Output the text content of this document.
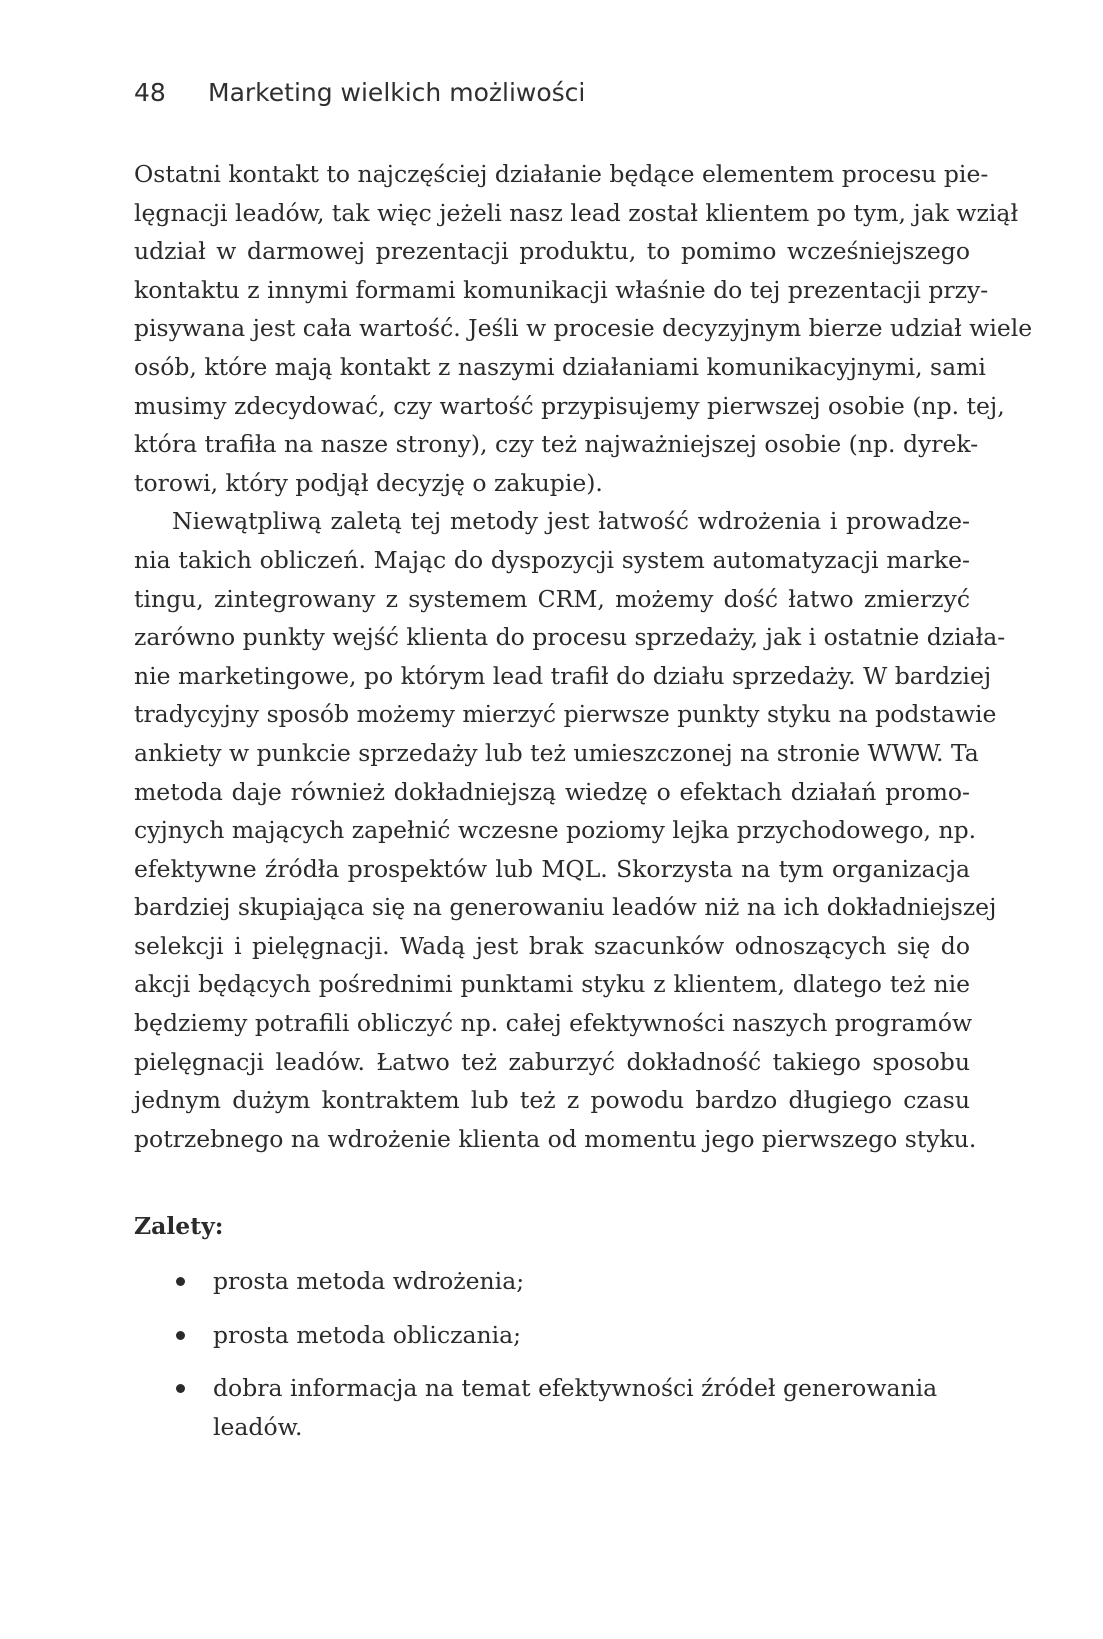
48 Marketing wielkich możliwości
Ostatni kontakt to najczęściej działanie będące elementem procesu pie-
lęgnacji leadów, tak więc jeżeli nasz lead został klientem po tym, jak wziął
udział w darmowej prezentacji produktu, to pomimo wcześniejszego
kontaktu z innymi formami komunikacji właśnie do tej prezentacji przy-
pisywana jest cała wartość. Jeśli w procesie decyzyjnym bierze udział wiele
osób, które mają kontakt z naszymi działaniami komunikacyjnymi, sami
musimy zdecydować, czy wartość przypisujemy pierwszej osobie (np. tej,
która trafiła na nasze strony), czy też najważniejszej osobie (np. dyrek-
torowi, który podjął decyzję o zakupie).
Niewątpliwą zaletą tej metody jest łatwość wdrożenia i prowadze-
nia takich obliczeń. Mając do dyspozycji system automatyzacji marke-
tingu, zintegrowany z systemem CRM, możemy dość łatwo zmierzyć
zarówno punkty wejść klienta do procesu sprzedaży, jak i ostatnie działa-
nie marketingowe, po którym lead trafił do działu sprzedaży. W bardziej
tradycyjny sposób możemy mierzyć pierwsze punkty styku na podstawie
ankiety w punkcie sprzedaży lub też umieszczonej na stronie WWW. Ta
metoda daje również dokładniejszą wiedzę o efektach działań promo-
cyjnych mających zapełnić wczesne poziomy lejka przychodowego, np.
efektywne źródła prospektów lub MQL. Skorzysta na tym organizacja
bardziej skupiająca się na generowaniu leadów niż na ich dokładniejszej
selekcji i pielęgnacji. Wadą jest brak szacunków odnoszących się do
akcji będących pośrednimi punktami styku z klientem, dlatego też nie
będziemy potrafili obliczyć np. całej efektywności naszych programów
pielęgnacji leadów. Łatwo też zaburzyć dokładność takiego sposobu
jednym dużym kontraktem lub też z powodu bardzo długiego czasu
potrzebnego na wdrożenie klienta od momentu jego pierwszego styku.
Zalety:
prosta metoda wdrożenia;
prosta metoda obliczania;
dobra informacja na temat efektywności źródeł generowania leadów.
